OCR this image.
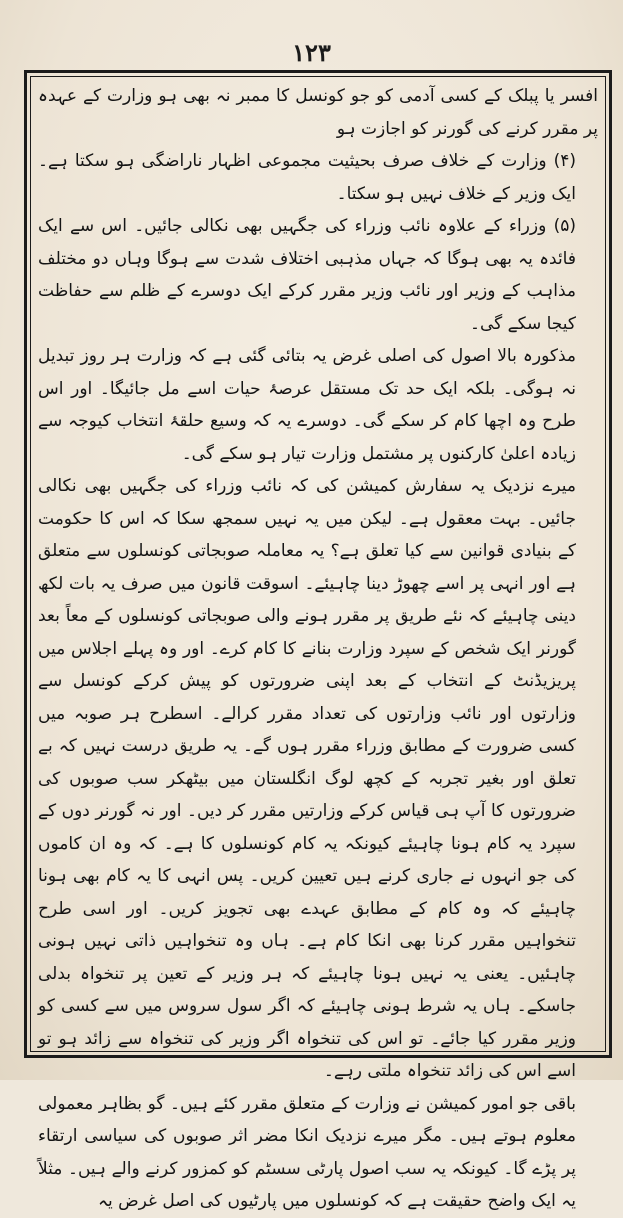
۱۲۳

افسر یا پبلک کے کسی آدمی کو جو کونسل کا ممبر نہ بھی ہو وزارت کے عہدہ پر مقرر کرنے کی گورنر کو اجازت ہو

(۴) وزارت کے خلاف صرف بحیثیت مجموعی اظہار ناراضگی ہو سکتا ہے۔ ایک وزیر کے خلاف نہیں ہو سکتا۔

(۵) وزراء کے علاوہ نائب وزراء کی جگہیں بھی نکالی جائیں۔ اس سے ایک فائدہ یہ بھی ہوگا کہ جہاں مذہبی اختلاف شدت سے ہوگا وہاں دو مختلف مذاہب کے وزیر اور نائب وزیر مقرر کرکے ایک دوسرے کے ظلم سے حفاظت کیجا سکے گی۔

مذکورہ بالا اصول کی اصلی غرض یہ بتائی گئی ہے کہ وزارت ہر روز تبدیل نہ ہوگی۔ بلکہ ایک حد تک مستقل عرصۂ حیات اسے مل جائیگا۔ اور اس طرح وہ اچھا کام کر سکے گی۔ دوسرے یہ کہ وسیع حلقۂ انتخاب کیوجہ سے زیادہ اعلیٰ کارکنوں پر مشتمل وزارت تیار ہو سکے گی۔

میرے نزدیک یہ سفارش کمیشن کی کہ نائب وزراء کی جگہیں بھی نکالی جائیں۔ بہت معقول ہے۔ لیکن میں یہ نہیں سمجھ سکا کہ اس کا حکومت کے بنیادی قوانین سے کیا تعلق ہے؟ یہ معاملہ صوبجاتی کونسلوں سے متعلق ہے اور انہی پر اسے چھوڑ دینا چاہیئے۔ اسوقت قانون میں صرف یہ بات لکھ دینی چاہیئے کہ نئے طریق پر مقرر ہونے والی صوبجاتی کونسلوں کے معاً بعد گورنر ایک شخص کے سپرد وزارت بنانے کا کام کرے۔ اور وہ پہلے اجلاس میں پریزیڈنٹ کے انتخاب کے بعد اپنی ضرورتوں کو پیش کرکے کونسل سے وزارتوں اور نائب وزارتوں کی تعداد مقرر کرالے۔ اسطرح ہر صوبہ میں کسی ضرورت کے مطابق وزراء مقرر ہوں گے۔ یہ طریق درست نہیں کہ بے تعلق اور بغیر تجربہ کے کچھ لوگ انگلستان میں بیٹھکر سب صوبوں کی ضرورتوں کا آپ ہی قیاس کرکے وزارتیں مقرر کر دیں۔ اور نہ گورنر دوں کے سپرد یہ کام ہونا چاہیئے کیونکہ یہ کام کونسلوں کا ہے۔ کہ وہ ان کاموں کی جو انہوں نے جاری کرنے ہیں تعیین کریں۔ پس انہی کا یہ کام بھی ہونا چاہیئے کہ وہ کام کے مطابق عہدے بھی تجویز کریں۔ اور اسی طرح تنخواہیں مقرر کرنا بھی انکا کام ہے۔ ہاں وہ تنخواہیں ذاتی نہیں ہونی چاہئیں۔ یعنی یہ نہیں ہونا چاہیئے کہ ہر وزیر کے تعین پر تنخواہ بدلی جاسکے۔ ہاں یہ شرط ہونی چاہیئے کہ اگر سول سروس میں سے کسی کو وزیر مقرر کیا جائے۔ تو اس کی تنخواہ اگر وزیر کی تنخواہ سے زائد ہو تو اسے اس کی زائد تنخواہ ملتی رہے۔

باقی جو امور کمیشن نے وزارت کے متعلق مقرر کئے ہیں۔ گو بظاہر معمولی معلوم ہوتے ہیں۔ مگر میرے نزدیک انکا مضر اثر صوبوں کی سیاسی ارتقاء پر پڑے گا۔ کیونکہ یہ سب اصول پارٹی سسٹم کو کمزور کرنے والے ہیں۔ مثلاً یہ ایک واضح حقیقت ہے کہ کونسلوں میں پارٹیوں کی اصل غرض یہ
